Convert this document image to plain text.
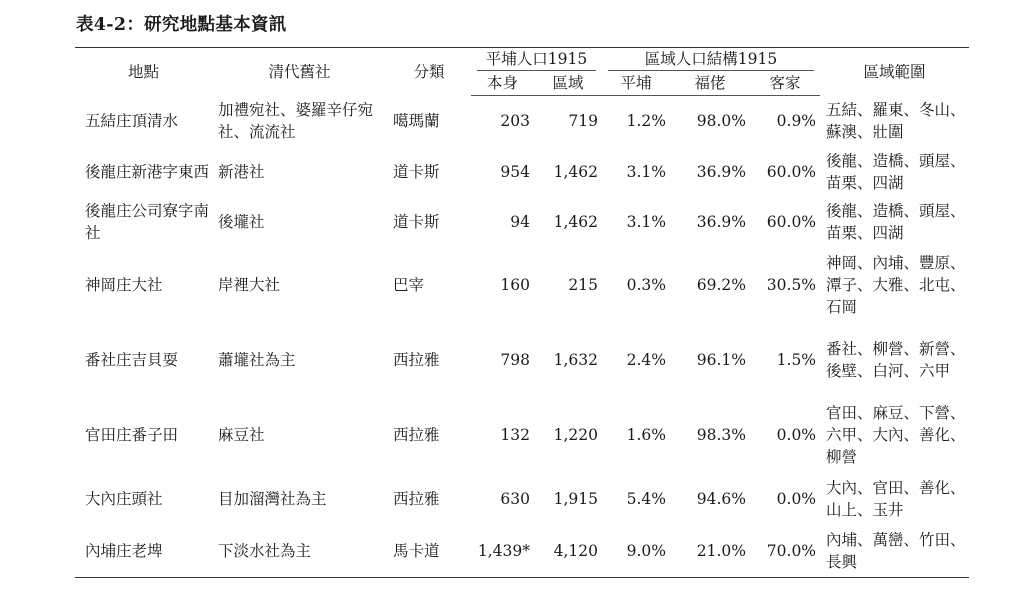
表4-2：研究地點基本資訊
地點	清代舊社	分類	平埔人口1915		區域人口結構1915			區域範圍
			本身	區域	平埔	福佬	客家	
五結庄頂清水	加禮宛社、婆羅辛仔宛社、流流社	噶瑪蘭	203	719	1.2%	98.0%	0.9%	五結、羅東、冬山、蘇澳、壯圍
後龍庄新港字東西	新港社	道卡斯	954	1,462	3.1%	36.9%	60.0%	後龍、造橋、頭屋、苗栗、四湖
後龍庄公司寮字南社	後壠社	道卡斯	94	1,462	3.1%	36.9%	60.0%	後龍、造橋、頭屋、苗栗、四湖
神岡庄大社	岸裡大社	巴宰	160	215	0.3%	69.2%	30.5%	神岡、內埔、豐原、潭子、大雅、北屯、石岡
番社庄吉貝耍	蕭壠社為主	西拉雅	798	1,632	2.4%	96.1%	1.5%	番社、柳營、新營、後壁、白河、六甲
官田庄番子田	麻豆社	西拉雅	132	1,220	1.6%	98.3%	0.0%	官田、麻豆、下營、六甲、大內、善化、柳營
大內庄頭社	目加溜灣社為主	西拉雅	630	1,915	5.4%	94.6%	0.0%	大內、官田、善化、山上、玉井
內埔庄老埤	下淡水社為主	馬卡道	1,439*	4,120	9.0%	21.0%	70.0%	內埔、萬巒、竹田、長興
